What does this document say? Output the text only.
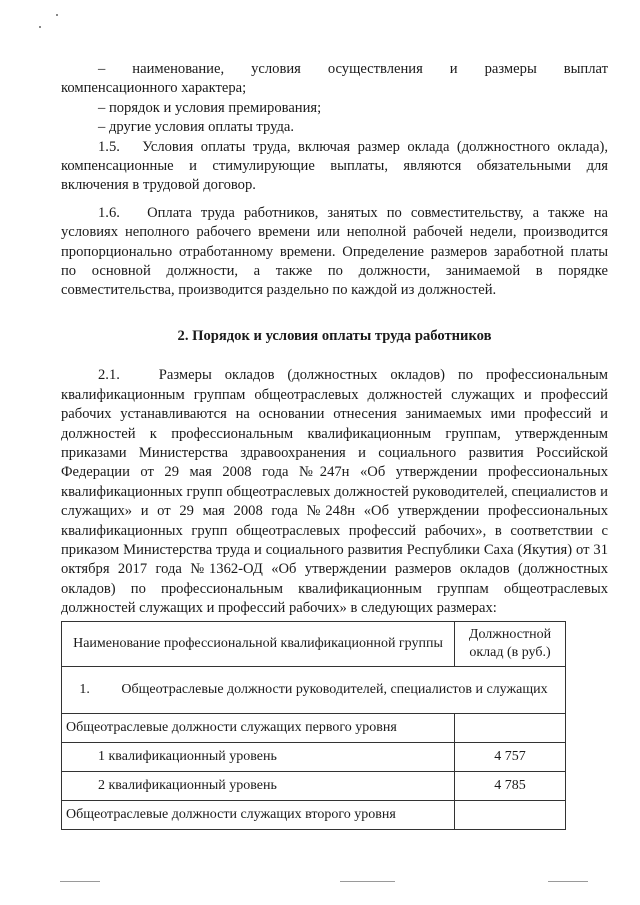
– наименование, условия осуществления и размеры выплат

компенсационного характера;

– порядок и условия премирования;

– другие условия оплаты труда.

1.5. Условия оплаты труда, включая размер оклада (должностного оклада), компенсационные и стимулирующие выплаты, являются обязательными для включения в трудовой договор.

1.6. Оплата труда работников, занятых по совместительству, а также на условиях неполного рабочего времени или неполной рабочей недели, производится пропорционально отработанному времени. Определение размеров заработной платы по основной должности, а также по должности, занимаемой в порядке совместительства, производится раздельно по каждой из должностей.

2. Порядок и условия оплаты труда работников

2.1.	Размеры окладов (должностных окладов) по профессиональным квалификационным группам общеотраслевых должностей служащих и профессий рабочих устанавливаются на основании отнесения занимаемых ими профессий и должностей к профессиональным квалификационным группам, утвержденным приказами Министерства здравоохранения и социального развития Российской Федерации от 29 мая 2008 года №247н «Об утверждении профессиональных квалификационных групп общеотраслевых должностей руководителей, специалистов и служащих» и от 29 мая 2008 года №248н «Об утверждении профессиональных квалификационных групп общеотраслевых профессий рабочих», в соответствии с приказом Министерства труда и социального развития Республики Саха (Якутия) от 31 октября 2017 года №1362-ОД «Об утверждении размеров окладов (должностных окладов) по профессиональным квалификационным группам общеотраслевых должностей служащих и профессий рабочих» в следующих размерах:

Наименование профессиональной квалификационной группы	Должностной оклад (в руб.)
1. Общеотраслевые должности руководителей, специалистов и служащих	
Общеотраслевые должности служащих первого уровня	
1 квалификационный уровень	4 757
2 квалификационный уровень	4 785
Общеотраслевые должности служащих второго уровня	
